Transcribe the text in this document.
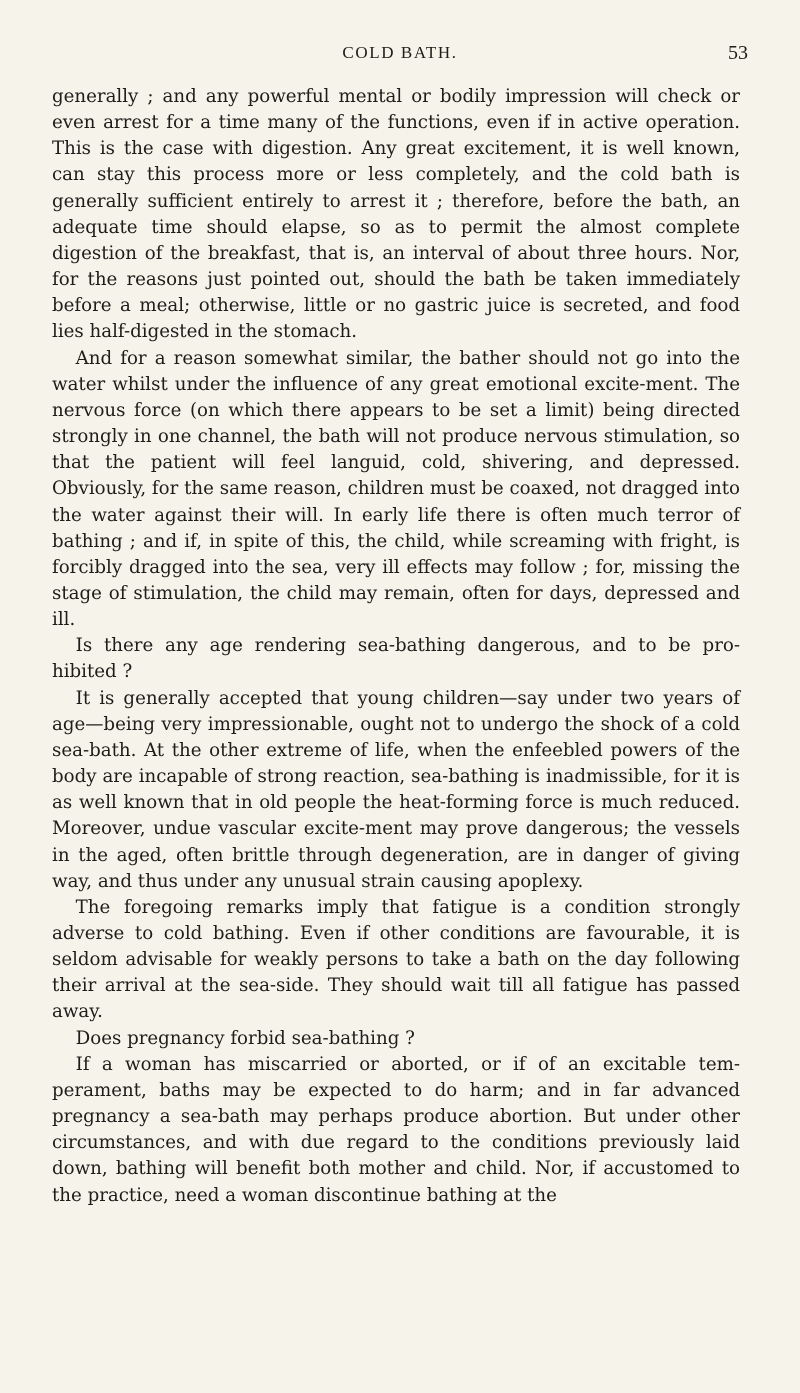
COLD BATH.	53

generally ; and any powerful mental or bodily impression will check or even arrest for a time many of the functions, even if in active operation. This is the case with digestion. Any great excitement, it is well known, can stay this process more or less completely, and the cold bath is generally sufficient entirely to arrest it ; therefore, before the bath, an adequate time should elapse, so as to permit the almost complete digestion of the breakfast, that is, an interval of about three hours. Nor, for the reasons just pointed out, should the bath be taken immediately before a meal; otherwise, little or no gastric juice is secreted, and food lies half-digested in the stomach.

And for a reason somewhat similar, the bather should not go into the water whilst under the influence of any great emotional excite-ment. The nervous force (on which there appears to be set a limit) being directed strongly in one channel, the bath will not produce nervous stimulation, so that the patient will feel languid, cold, shivering, and depressed. Obviously, for the same reason, children must be coaxed, not dragged into the water against their will. In early life there is often much terror of bathing ; and if, in spite of this, the child, while screaming with fright, is forcibly dragged into the sea, very ill effects may follow ; for, missing the stage of stimulation, the child may remain, often for days, depressed and ill.

Is there any age rendering sea-bathing dangerous, and to be pro-hibited ?

It is generally accepted that young children—say under two years of age—being very impressionable, ought not to undergo the shock of a cold sea-bath. At the other extreme of life, when the enfeebled powers of the body are incapable of strong reaction, sea-bathing is inadmissible, for it is as well known that in old people the heat-forming force is much reduced. Moreover, undue vascular excite-ment may prove dangerous; the vessels in the aged, often brittle through degeneration, are in danger of giving way, and thus under any unusual strain causing apoplexy.

The foregoing remarks imply that fatigue is a condition strongly adverse to cold bathing. Even if other conditions are favourable, it is seldom advisable for weakly persons to take a bath on the day following their arrival at the sea-side. They should wait till all fatigue has passed away.

Does pregnancy forbid sea-bathing ?

If a woman has miscarried or aborted, or if of an excitable tem-perament, baths may be expected to do harm; and in far advanced pregnancy a sea-bath may perhaps produce abortion. But under other circumstances, and with due regard to the conditions previously laid down, bathing will benefit both mother and child. Nor, if accustomed to the practice, need a woman discontinue bathing at the
